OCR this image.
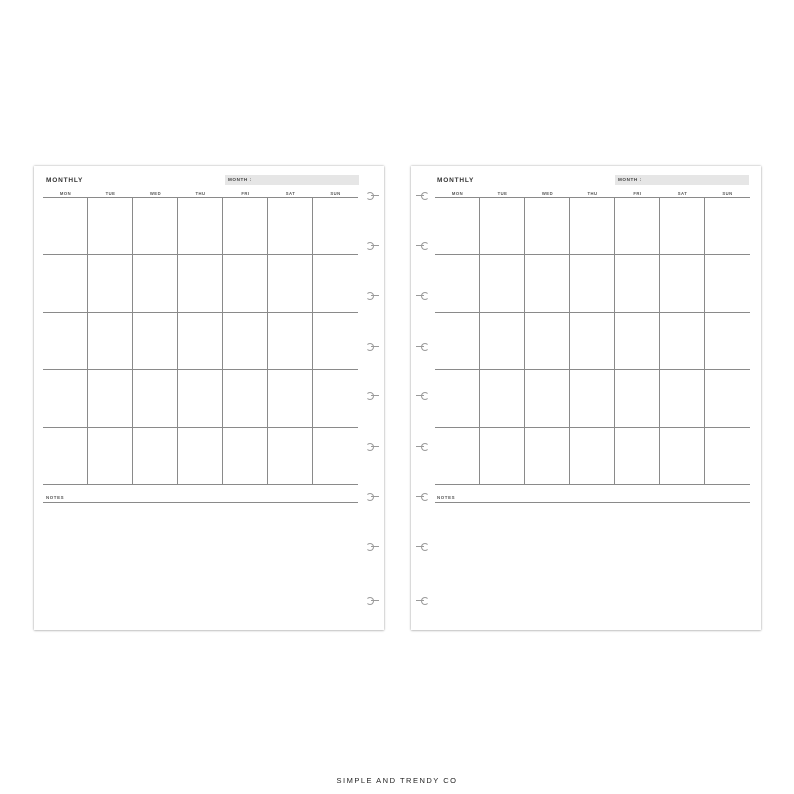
MONTHLY	MONTH :
MON	TUE	WED	THU	FRI	SAT	SUN
NOTES
MONTHLY	MONTH :
MON	TUE	WED	THU	FRI	SAT	SUN
NOTES
SIMPLE AND TRENDY CO
